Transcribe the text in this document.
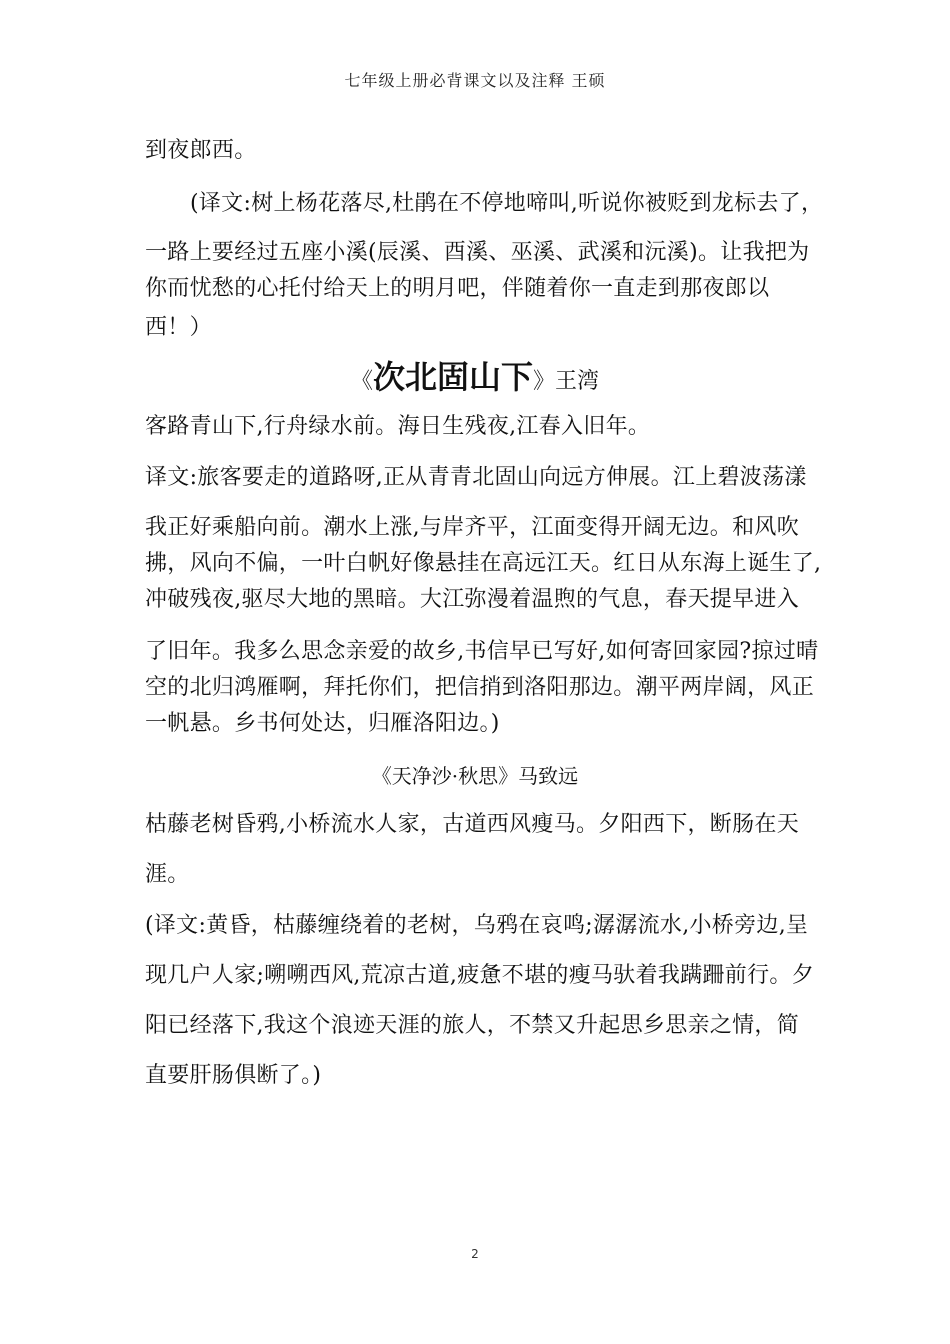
七年级上册必背课文以及注释 王硕
到夜郎西。
(译文:树上杨花落尽,杜鹃在不停地啼叫,听说你被贬到龙标去了，
一路上要经过五座小溪(辰溪、酉溪、巫溪、武溪和沅溪)。让我把为
你而忧愁的心托付给天上的明月吧，伴随着你一直走到那夜郎以
西！）
《次北固山下》王湾
客路青山下,行舟绿水前。海日生残夜,江春入旧年。
译文:旅客要走的道路呀,正从青青北固山向远方伸展。江上碧波荡漾
我正好乘船向前。潮水上涨,与岸齐平，江面变得开阔无边。和风吹
拂，风向不偏，一叶白帆好像悬挂在高远江天。红日从东海上诞生了,
冲破残夜,驱尽大地的黑暗。大江弥漫着温煦的气息，春天提早进入
了旧年。我多么思念亲爱的故乡,书信早已写好,如何寄回家园?掠过晴
空的北归鸿雁啊，拜托你们，把信捎到洛阳那边。潮平两岸阔，风正
一帆悬。乡书何处达，归雁洛阳边。)
《天净沙·秋思》马致远
枯藤老树昏鸦,小桥流水人家，古道西风瘦马。夕阳西下，断肠在天
涯。
(译文:黄昏，枯藤缠绕着的老树，乌鸦在哀鸣;潺潺流水,小桥旁边,呈
现几户人家;嗍嗍西风,荒凉古道,疲惫不堪的瘦马驮着我蹒跚前行。夕
阳已经落下,我这个浪迹天涯的旅人，不禁又升起思乡思亲之情，简
直要肝肠俱断了。)
2
